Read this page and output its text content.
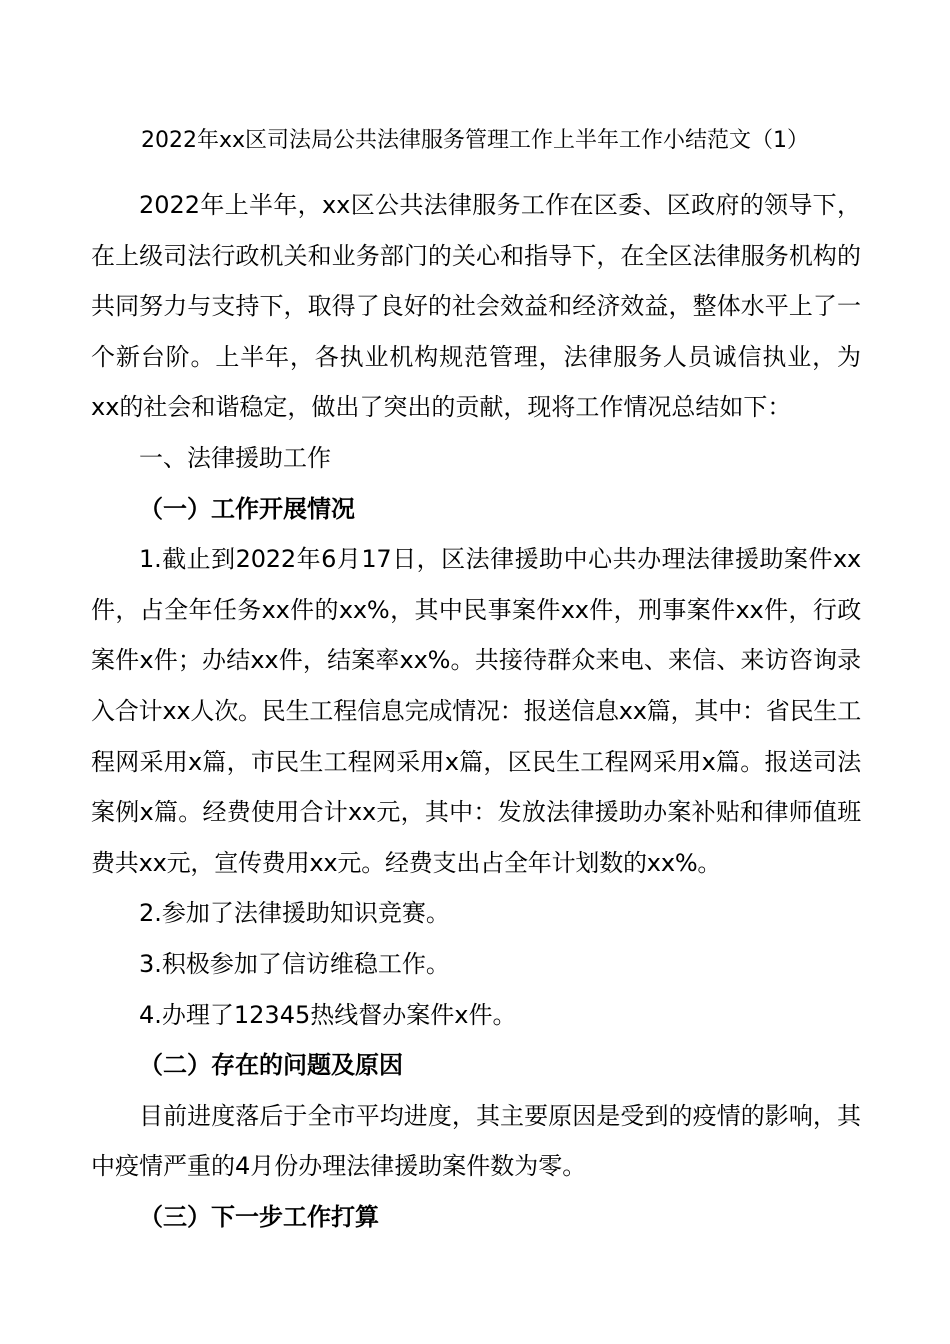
2022年xx区司法局公共法律服务管理工作上半年工作小结范文（1）

2022年上半年，xx区公共法律服务工作在区委、区政府的领导下，在上级司法行政机关和业务部门的关心和指导下，在全区法律服务机构的共同努力与支持下，取得了良好的社会效益和经济效益，整体水平上了一个新台阶。上半年，各执业机构规范管理，法律服务人员诚信执业，为xx的社会和谐稳定，做出了突出的贡献，现将工作情况总结如下：

一、法律援助工作

（一）工作开展情况

1.截止到2022年6月17日，区法律援助中心共办理法律援助案件xx件，占全年任务xx件的xx%，其中民事案件xx件，刑事案件xx件，行政案件x件；办结xx件，结案率xx%。共接待群众来电、来信、来访咨询录入合计xx人次。民生工程信息完成情况：报送信息xx篇，其中：省民生工程网采用x篇，市民生工程网采用x篇，区民生工程网采用x篇。报送司法案例x篇。经费使用合计xx元，其中：发放法律援助办案补贴和律师值班费共xx元，宣传费用xx元。经费支出占全年计划数的xx%。

2.参加了法律援助知识竞赛。

3.积极参加了信访维稳工作。

4.办理了12345热线督办案件x件。

（二）存在的问题及原因

目前进度落后于全市平均进度，其主要原因是受到的疫情的影响，其中疫情严重的4月份办理法律援助案件数为零。

（三）下一步工作打算
